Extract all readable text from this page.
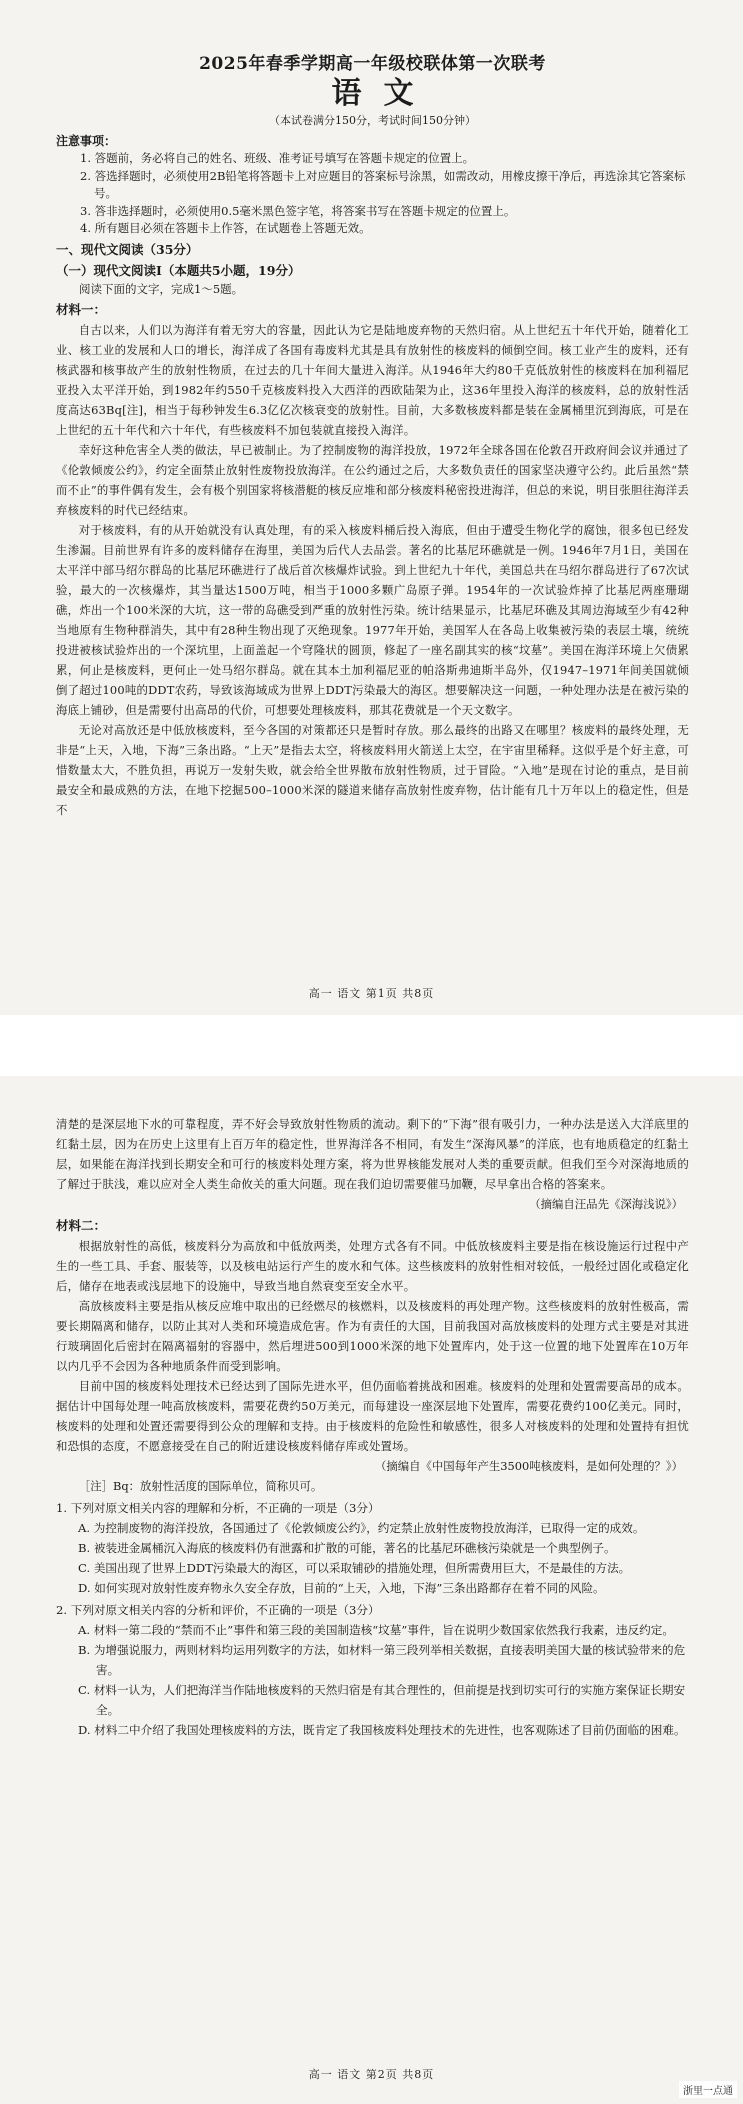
2025年春季学期高一年级校联体第一次联考

语文

（本试卷满分150分，考试时间150分钟）

注意事项：

1. 答题前，务必将自己的姓名、班级、准考证号填写在答题卡规定的位置上。

2. 答选择题时，必须使用2B铅笔将答题卡上对应题目的答案标号涂黑，如需改动，用橡皮擦干净后，再选涂其它答案标号。

3. 答非选择题时，必须使用0.5毫米黑色签字笔，将答案书写在答题卡规定的位置上。

4. 所有题目必须在答题卡上作答，在试题卷上答题无效。

一、现代文阅读（35分）

（一）现代文阅读Ⅰ（本题共5小题，19分）

阅读下面的文字，完成1～5题。

材料一：

自古以来，人们以为海洋有着无穷大的容量，因此认为它是陆地废弃物的天然归宿。从上世纪五十年代开始，随着化工业、核工业的发展和人口的增长，海洋成了各国有毒废料尤其是具有放射性的核废料的倾倒空间。核工业产生的废料，还有核武器和核事故产生的放射性物质，在过去的几十年间大量进入海洋。从1946年大约80千克低放射性的核废料在加利福尼亚投入太平洋开始，到1982年约550千克核废料投入大西洋的西欧陆架为止，这36年里投入海洋的核废料，总的放射性活度高达63Bq[注]，相当于每秒钟发生6.3亿亿次核衰变的放射性。目前，大多数核废料都是装在金属桶里沉到海底，可是在上世纪的五十年代和六十年代，有些核废料不加包装就直接投入海洋。

幸好这种危害全人类的做法，早已被制止。为了控制废物的海洋投放，1972年全球各国在伦敦召开政府间会议并通过了《伦敦倾废公约》，约定全面禁止放射性废物投放海洋。在公约通过之后，大多数负责任的国家坚决遵守公约。此后虽然“禁而不止”的事件偶有发生，会有极个别国家将核潜艇的核反应堆和部分核废料秘密投进海洋，但总的来说，明目张胆往海洋丢弃核废料的时代已经结束。

对于核废料，有的从开始就没有认真处理，有的采入核废料桶后投入海底，但由于遭受生物化学的腐蚀，很多包已经发生渗漏。目前世界有许多的废料储存在海里，美国为后代人去品尝。著名的比基尼环礁就是一例。1946年7月1日，美国在太平洋中部马绍尔群岛的比基尼环礁进行了战后首次核爆炸试验。到上世纪九十年代，美国总共在马绍尔群岛进行了67次试验，最大的一次核爆炸，其当量达1500万吨，相当于1000多颗广岛原子弹。1954年的一次试验炸掉了比基尼两座珊瑚礁，炸出一个100米深的大坑，这一带的岛礁受到严重的放射性污染。统计结果显示，比基尼环礁及其周边海域至少有42种当地原有生物种群消失，其中有28种生物出现了灭绝现象。1977年开始，美国军人在各岛上收集被污染的表层土壤，统统投进被核试验炸出的一个深坑里，上面盖起一个穹隆状的圆顶，修起了一座名副其实的核“坟墓”。美国在海洋环境上欠债累累，何止是核废料，更何止一处马绍尔群岛。就在其本土加利福尼亚的帕洛斯弗迪斯半岛外，仅1947–1971年间美国就倾倒了超过100吨的DDT农药，导致该海域成为世界上DDT污染最大的海区。想要解决这一问题，一种处理办法是在被污染的海底上铺砂，但是需要付出高昂的代价，可想要处理核废料，那其花费就是一个天文数字。

无论对高放还是中低放核废料，至今各国的对策都还只是暂时存放。那么最终的出路又在哪里？核废料的最终处理，无非是“上天，入地，下海”三条出路。“上天”是指去太空，将核废料用火箭送上太空，在宇宙里稀释。这似乎是个好主意，可惜数量太大，不胜负担，再说万一发射失败，就会给全世界散布放射性物质，过于冒险。“入地”是现在讨论的重点，是目前最安全和最成熟的方法，在地下挖掘500–1000米深的隧道来储存高放射性废弃物，估计能有几十万年以上的稳定性，但是不

高一 语文 第1页 共8页

清楚的是深层地下水的可靠程度，弄不好会导致放射性物质的流动。剩下的“下海”很有吸引力，一种办法是送入大洋底里的红黏土层，因为在历史上这里有上百万年的稳定性，世界海洋各不相同，有发生“深海风暴”的洋底，也有地质稳定的红黏土层，如果能在海洋找到长期安全和可行的核废料处理方案，将为世界核能发展对人类的重要贡献。但我们至今对深海地质的了解过于肤浅，难以应对全人类生命攸关的重大问题。现在我们迫切需要催马加鞭，尽早拿出合格的答案来。

（摘编自汪品先《深海浅说》）

材料二：

根据放射性的高低，核废料分为高放和中低放两类，处理方式各有不同。中低放核废料主要是指在核设施运行过程中产生的一些工具、手套、服装等，以及核电站运行产生的废水和气体。这些核废料的放射性相对较低，一般经过固化或稳定化后，储存在地表或浅层地下的设施中，导致当地自然衰变至安全水平。

高放核废料主要是指从核反应堆中取出的已经燃尽的核燃料，以及核废料的再处理产物。这些核废料的放射性极高，需要长期隔离和储存，以防止其对人类和环境造成危害。作为有责任的大国，目前我国对高放核废料的处理方式主要是对其进行玻璃固化后密封在隔离福射的容器中，然后埋进500到1000米深的地下处置库内，处于这一位置的地下处置库在10万年以内几乎不会因为各种地质条件而受到影响。

目前中国的核废料处理技术已经达到了国际先进水平，但仍面临着挑战和困难。核废料的处理和处置需要高昂的成本。据估计中国每处理一吨高放核废料，需要花费约50万美元，而每建设一座深层地下处置库，需要花费约100亿美元。同时，核废料的处理和处置还需要得到公众的理解和支持。由于核废料的危险性和敏感性，很多人对核废料的处理和处置持有担忧和恐惧的态度，不愿意接受在自己的附近建设核废料储存库或处置场。

（摘编自《中国每年产生3500吨核废料，是如何处理的？》）

［注］Bq：放射性活度的国际单位，简称贝可。

1. 下列对原文相关内容的理解和分析，不正确的一项是（3分）

A. 为控制废物的海洋投放，各国通过了《伦敦倾废公约》，约定禁止放射性废物投放海洋，已取得一定的成效。

B. 被装进金属桶沉入海底的核废料仍有泄露和扩散的可能，著名的比基尼环礁核污染就是一个典型例子。

C. 美国出现了世界上DDT污染最大的海区，可以采取铺砂的措施处理，但所需费用巨大，不是最佳的方法。

D. 如何实现对放射性废弃物永久安全存放，目前的“上天，入地，下海”三条出路都存在着不同的风险。

2. 下列对原文相关内容的分析和评价，不正确的一项是（3分）

A. 材料一第二段的“禁而不止”事件和第三段的美国制造核“坟墓”事件，旨在说明少数国家依然我行我素，违反约定。

B. 为增强说服力，两则材料均运用列数字的方法，如材料一第三段列举相关数据，直接表明美国大量的核试验带来的危害。

C. 材料一认为，人们把海洋当作陆地核废料的天然归宿是有其合理性的，但前提是找到切实可行的实施方案保证长期安全。

D. 材料二中介绍了我国处理核废料的方法，既肯定了我国核废料处理技术的先进性，也客观陈述了目前仍面临的困难。

高一 语文 第2页 共8页
浙里一点通
